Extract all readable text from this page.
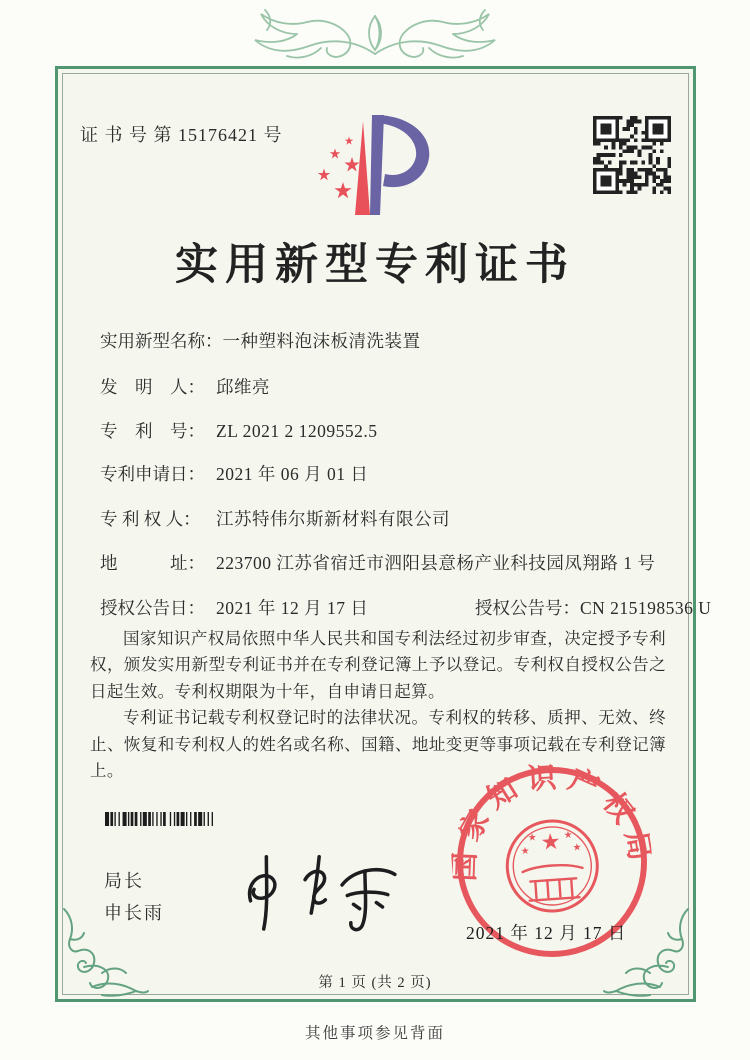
证 书 号 第 15176421 号
实用新型专利证书
实用新型名称：一种塑料泡沫板清洗装置
发　明　人： 邱维亮
专　利　号： ZL 2021 2 1209552.5
专利申请日： 2021 年 06 月 01 日
专 利 权 人： 江苏特伟尔斯新材料有限公司
地　　　址： 223700 江苏省宿迁市泗阳县意杨产业科技园凤翔路 1 号
授权公告日： 2021 年 12 月 17 日	授权公告号：CN 215198536 U

国家知识产权局依照中华人民共和国专利法经过初步审查，决定授予专利权，颁发实用新型专利证书并在专利登记簿上予以登记。专利权自授权公告之日起生效。专利权期限为十年，自申请日起算。

专利证书记载专利权登记时的法律状况。专利权的转移、质押、无效、终止、恢复和专利权人的姓名或名称、国籍、地址变更等事项记载在专利登记簿上。

局长
申长雨
国家知识产权局
2021 年 12 月 17 日
第 1 页 (共 2 页)
其他事项参见背面
